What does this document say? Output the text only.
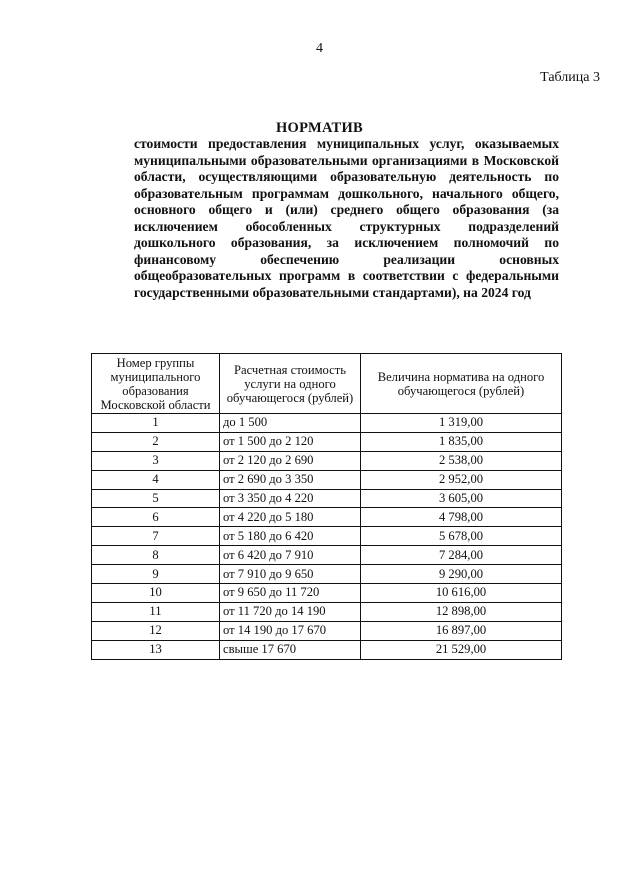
4
Таблица 3
НОРМАТИВ
стоимости предоставления муниципальных услуг, оказываемых муниципальными образовательными организациями в Московской области, осуществляющими образовательную деятельность по образовательным программам дошкольного, начального общего, основного общего и (или) среднего общего образования (за исключением обособленных структурных подразделений дошкольного образования, за исключением полномочий по финансовому обеспечению реализации основных общеобразовательных программ в соответствии с федеральными государственными образовательными стандартами), на 2024 год
Номер группы муниципального образования Московской области	Расчетная стоимость услуги на одного обучающегося (рублей)	Величина норматива на одного обучающегося (рублей)
1	до 1 500	1 319,00
2	от 1 500 до 2 120	1 835,00
3	от 2 120 до 2 690	2 538,00
4	от 2 690 до 3 350	2 952,00
5	от 3 350 до 4 220	3 605,00
6	от 4 220 до 5 180	4 798,00
7	от 5 180 до 6 420	5 678,00
8	от 6 420 до 7 910	7 284,00
9	от 7 910 до 9 650	9 290,00
10	от 9 650 до 11 720	10 616,00
11	от 11 720 до 14 190	12 898,00
12	от 14 190 до 17 670	16 897,00
13	свыше 17 670	21 529,00
